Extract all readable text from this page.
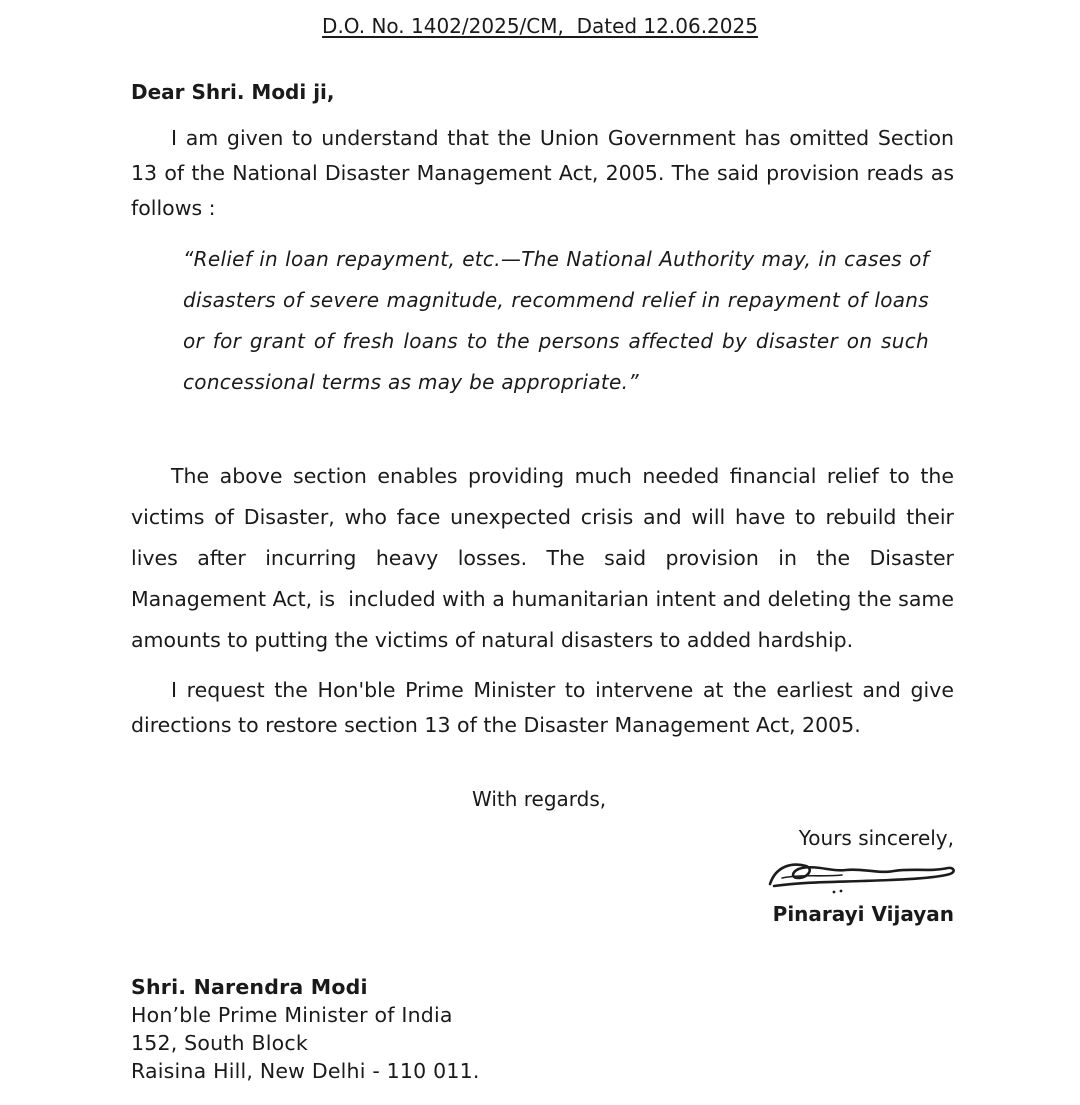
D.O. No. 1402/2025/CM,  Dated 12.06.2025
Dear Shri. Modi ji,

I am given to understand that the Union Government has omitted Section 13 of the National Disaster Management Act, 2005. The said provision reads as follows :

“Relief in loan repayment, etc.—The National Authority may, in cases of disasters of severe magnitude, recommend relief in repayment of loans or for grant of fresh loans to the persons affected by disaster on such concessional terms as may be appropriate.”

The above section enables providing much needed financial relief to the victims of Disaster, who face unexpected crisis and will have to rebuild their lives after incurring heavy losses. The said provision in the Disaster Management Act, is  included with a humanitarian intent and deleting the same amounts to putting the victims of natural disasters to added hardship.

I request the Hon'ble Prime Minister to intervene at the earliest and give directions to restore section 13 of the Disaster Management Act, 2005.

With regards,
Yours sincerely,
Pinarayi Vijayan
Shri. Narendra Modi
Hon’ble Prime Minister of India
152, South Block
Raisina Hill, New Delhi - 110 011.
